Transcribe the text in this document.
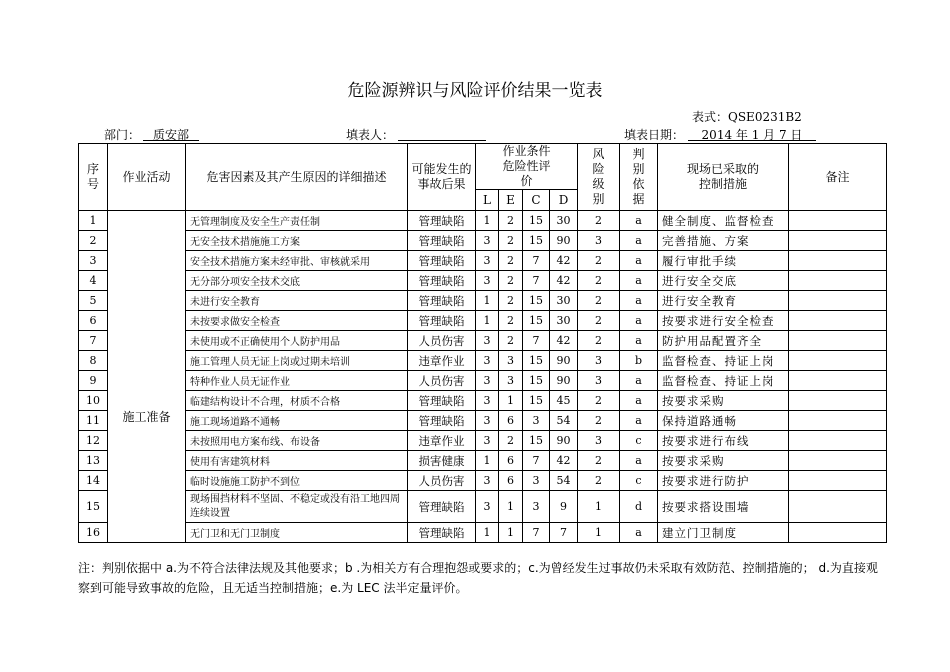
危险源辨识与风险评价结果一览表
表式：QSE0231B2
部门：	质安部	填表人：	填表日期：	2014 年 1 月 7 日
序号	作业活动	危害因素及其产生原因的详细描述	可能发生的事故后果	作业条件危险性评价				风险级别	判别依据	现场已采取的控制措施	备注
				L	E	C	D				
1	施工准备	无管理制度及安全生产责任制	管理缺陷	1	2	15	30	2	a	健全制度、监督检查	
2		无安全技术措施施工方案	管理缺陷	3	2	15	90	3	a	完善措施、方案	
3		安全技术措施方案未经审批、审核就采用	管理缺陷	3	2	7	42	2	a	履行审批手续	
4		无分部分项安全技术交底	管理缺陷	3	2	7	42	2	a	进行安全交底	
5		未进行安全教育	管理缺陷	1	2	15	30	2	a	进行安全教育	
6		未按要求做安全检查	管理缺陷	1	2	15	30	2	a	按要求进行安全检查	
7		未使用或不正确使用个人防护用品	人员伤害	3	2	7	42	2	a	防护用品配置齐全	
8		施工管理人员无证上岗或过期未培训	违章作业	3	3	15	90	3	b	监督检查、持证上岗	
9		特种作业人员无证作业	人员伤害	3	3	15	90	3	a	监督检查、持证上岗	
10		临建结构设计不合理，材质不合格	管理缺陷	3	1	15	45	2	a	按要求采购	
11		施工现场道路不通畅	管理缺陷	3	6	3	54	2	a	保持道路通畅	
12		未按照用电方案布线、布设备	违章作业	3	2	15	90	3	c	按要求进行布线	
13		使用有害建筑材料	损害健康	1	6	7	42	2	a	按要求采购	
14		临时设施施工防护不到位	人员伤害	3	6	3	54	2	c	按要求进行防护	
15		现场围挡材料不坚固、不稳定或没有沿工地四周连续设置	管理缺陷	3	1	3	9	1	d	按要求搭设围墙	
16		无门卫和无门卫制度	管理缺陷	1	1	7	7	1	a	建立门卫制度	
注：判别依据中 a.为不符合法律法规及其他要求；b .为相关方有合理抱怨或要求的；c.为曾经发生过事故仍未采取有效防范、控制措施的； d.为直接观察到可能导致事故的危险，且无适当控制措施；e.为 LEC 法半定量评价。
